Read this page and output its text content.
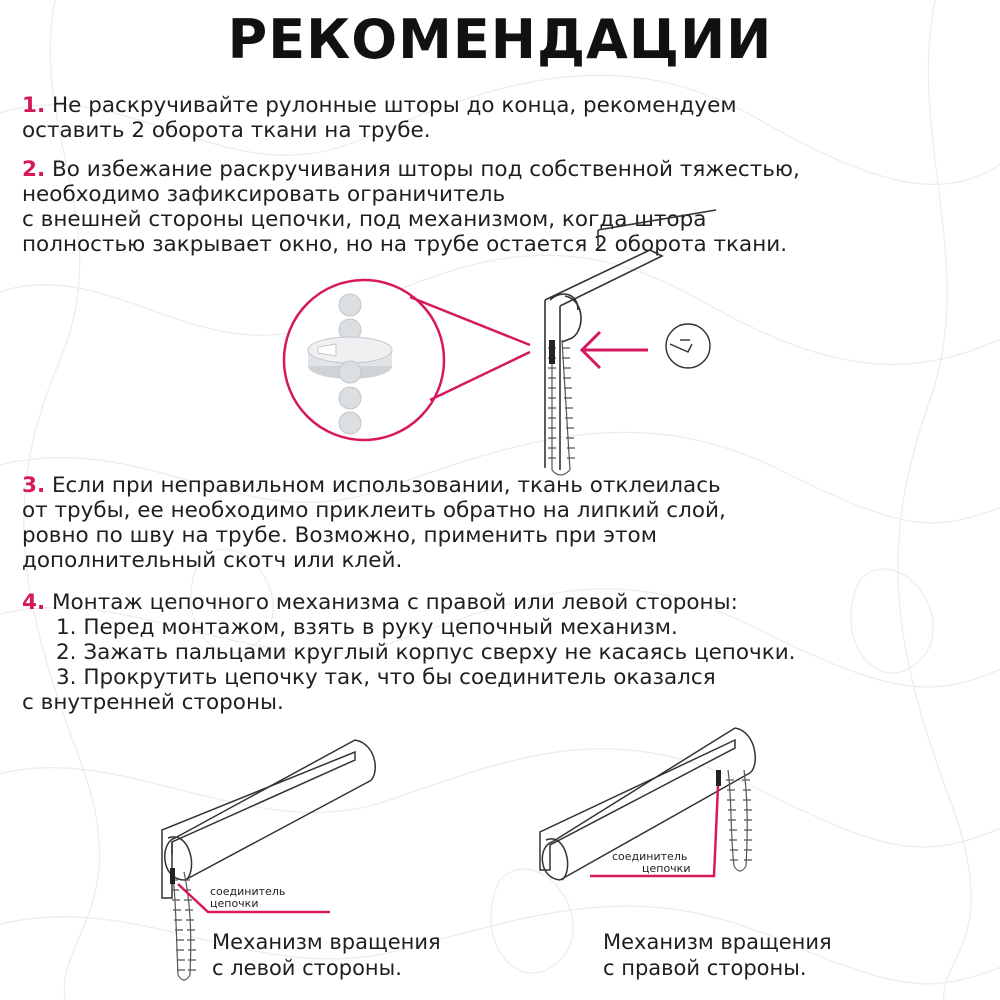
РЕКОМЕНДАЦИИ
1. Не раскручивайте рулонные шторы до конца, рекомендуем
оставить 2 оборота ткани на трубе.
2. Во избежание раскручивания шторы под собственной тяжестью,
необходимо зафиксировать ограничитель
с внешней стороны цепочки, под механизмом, когда штора
полностью закрывает окно, но на трубе остается 2 оборота ткани.
3. Если при неправильном использовании, ткань отклеилась
от трубы, ее необходимо приклеить обратно на липкий слой,
ровно по шву на трубе. Возможно, применить при этом
дополнительный скотч или клей.
4. Монтаж цепочного механизма с правой или левой стороны:
1. Перед монтажом, взять в руку цепочный механизм.
2. Зажать пальцами круглый корпус сверху не касаясь цепочки.
3. Прокрутить цепочку так, что бы соединитель оказался
с внутренней стороны.
соединитель
цепочки
Механизм вращения
с левой стороны.
соединитель
цепочки
Механизм вращения
с правой стороны.
